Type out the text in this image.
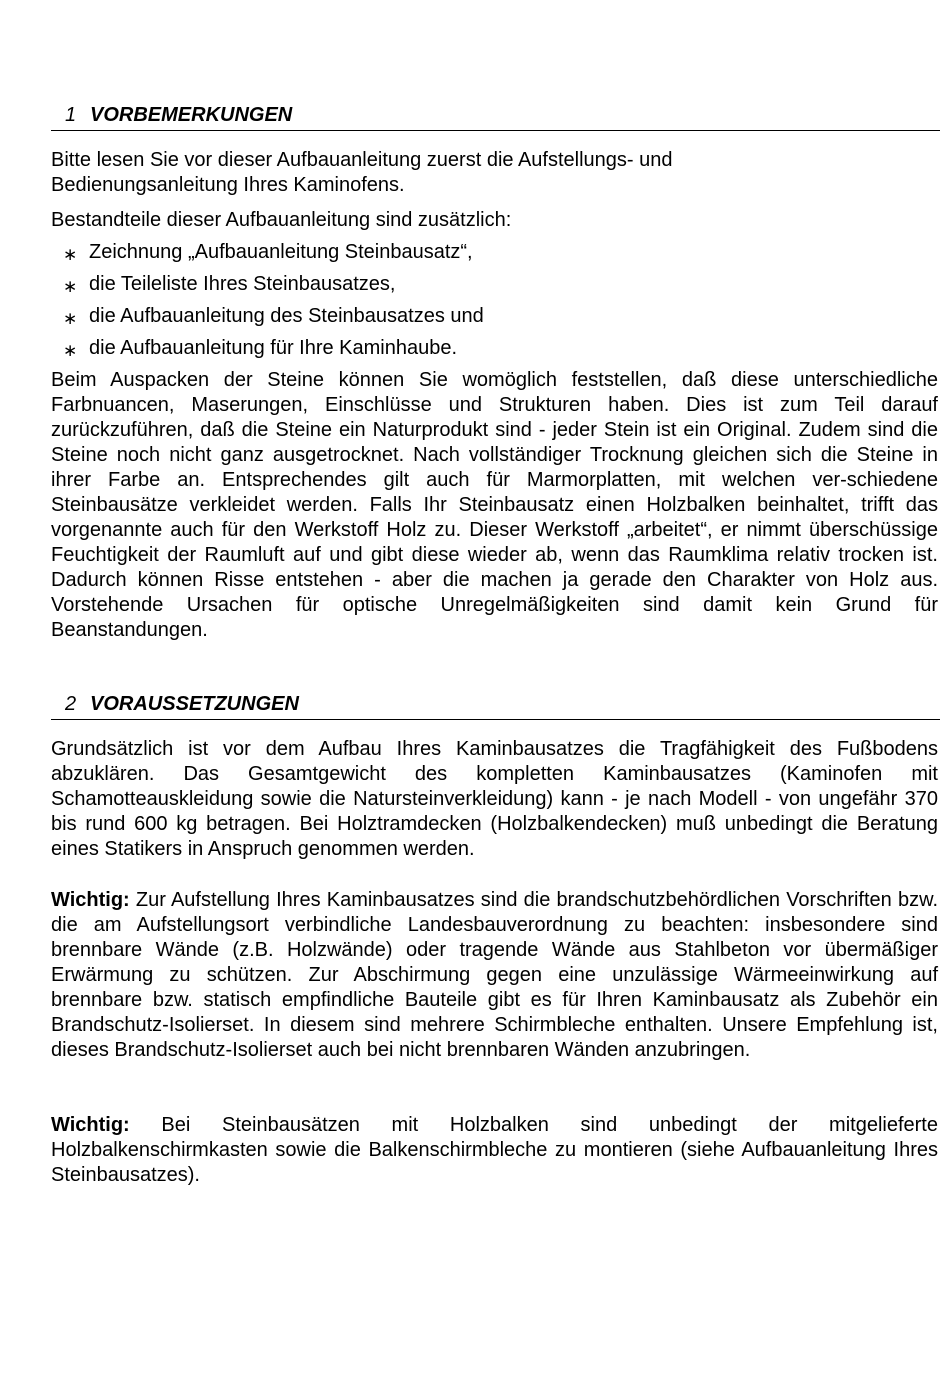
1 VORBEMERKUNGEN
Bitte lesen Sie vor dieser Aufbauanleitung zuerst die Aufstellungs- und
Bedienungsanleitung Ihres Kaminofens.
Bestandteile dieser Aufbauanleitung sind zusätzlich:
∗ Zeichnung „Aufbauanleitung Steinbausatz“,
∗ die Teileliste Ihres Steinbausatzes,
∗ die Aufbauanleitung des Steinbausatzes und
∗ die Aufbauanleitung für Ihre Kaminhaube.
Beim Auspacken der Steine können Sie womöglich feststellen, daß diese unterschiedliche Farbnuancen, Maserungen, Einschlüsse und Strukturen haben. Dies ist zum Teil darauf zurückzuführen, daß die Steine ein Naturprodukt sind - jeder Stein ist ein Original. Zudem sind die Steine noch nicht ganz ausgetrocknet. Nach vollständiger Trocknung gleichen sich die Steine in ihrer Farbe an. Entsprechendes gilt auch für Marmorplatten, mit welchen ver-schiedene Steinbausätze verkleidet werden. Falls Ihr Steinbausatz einen Holzbalken beinhaltet, trifft das vorgenannte auch für den Werkstoff Holz zu. Dieser Werkstoff „arbeitet“, er nimmt überschüssige Feuchtigkeit der Raumluft auf und gibt diese wieder ab, wenn das Raumklima relativ trocken ist. Dadurch können Risse entstehen - aber die machen ja gerade den Charakter von Holz aus. Vorstehende Ursachen für optische Unregelmäßigkeiten sind damit kein Grund für Beanstandungen.
2 VORAUSSETZUNGEN
Grundsätzlich ist vor dem Aufbau Ihres Kaminbausatzes die Tragfähigkeit des Fußbodens abzuklären. Das Gesamtgewicht des kompletten Kaminbausatzes (Kaminofen mit Schamotteauskleidung sowie die Natursteinverkleidung) kann - je nach Modell - von ungefähr 370 bis rund 600 kg betragen. Bei Holztramdecken (Holzbalkendecken) muß unbedingt die Beratung eines Statikers in Anspruch genommen werden.
Wichtig: Zur Aufstellung Ihres Kaminbausatzes sind die brandschutzbehördlichen Vorschriften bzw. die am Aufstellungsort verbindliche Landesbauverordnung zu beachten: insbesondere sind brennbare Wände (z.B. Holzwände) oder tragende Wände aus Stahlbeton vor übermäßiger Erwärmung zu schützen. Zur Abschirmung gegen eine unzulässige Wärmeeinwirkung auf brennbare bzw. statisch empfindliche Bauteile gibt es für Ihren Kaminbausatz als Zubehör ein Brandschutz-Isolierset. In diesem sind mehrere Schirmbleche enthalten. Unsere Empfehlung ist, dieses Brandschutz-Isolierset auch bei nicht brennbaren Wänden anzubringen.
Wichtig: Bei Steinbausätzen mit Holzbalken sind unbedingt der mitgelieferte Holzbalkenschirmkasten sowie die Balkenschirmbleche zu montieren (siehe Aufbauanleitung Ihres Steinbausatzes).
